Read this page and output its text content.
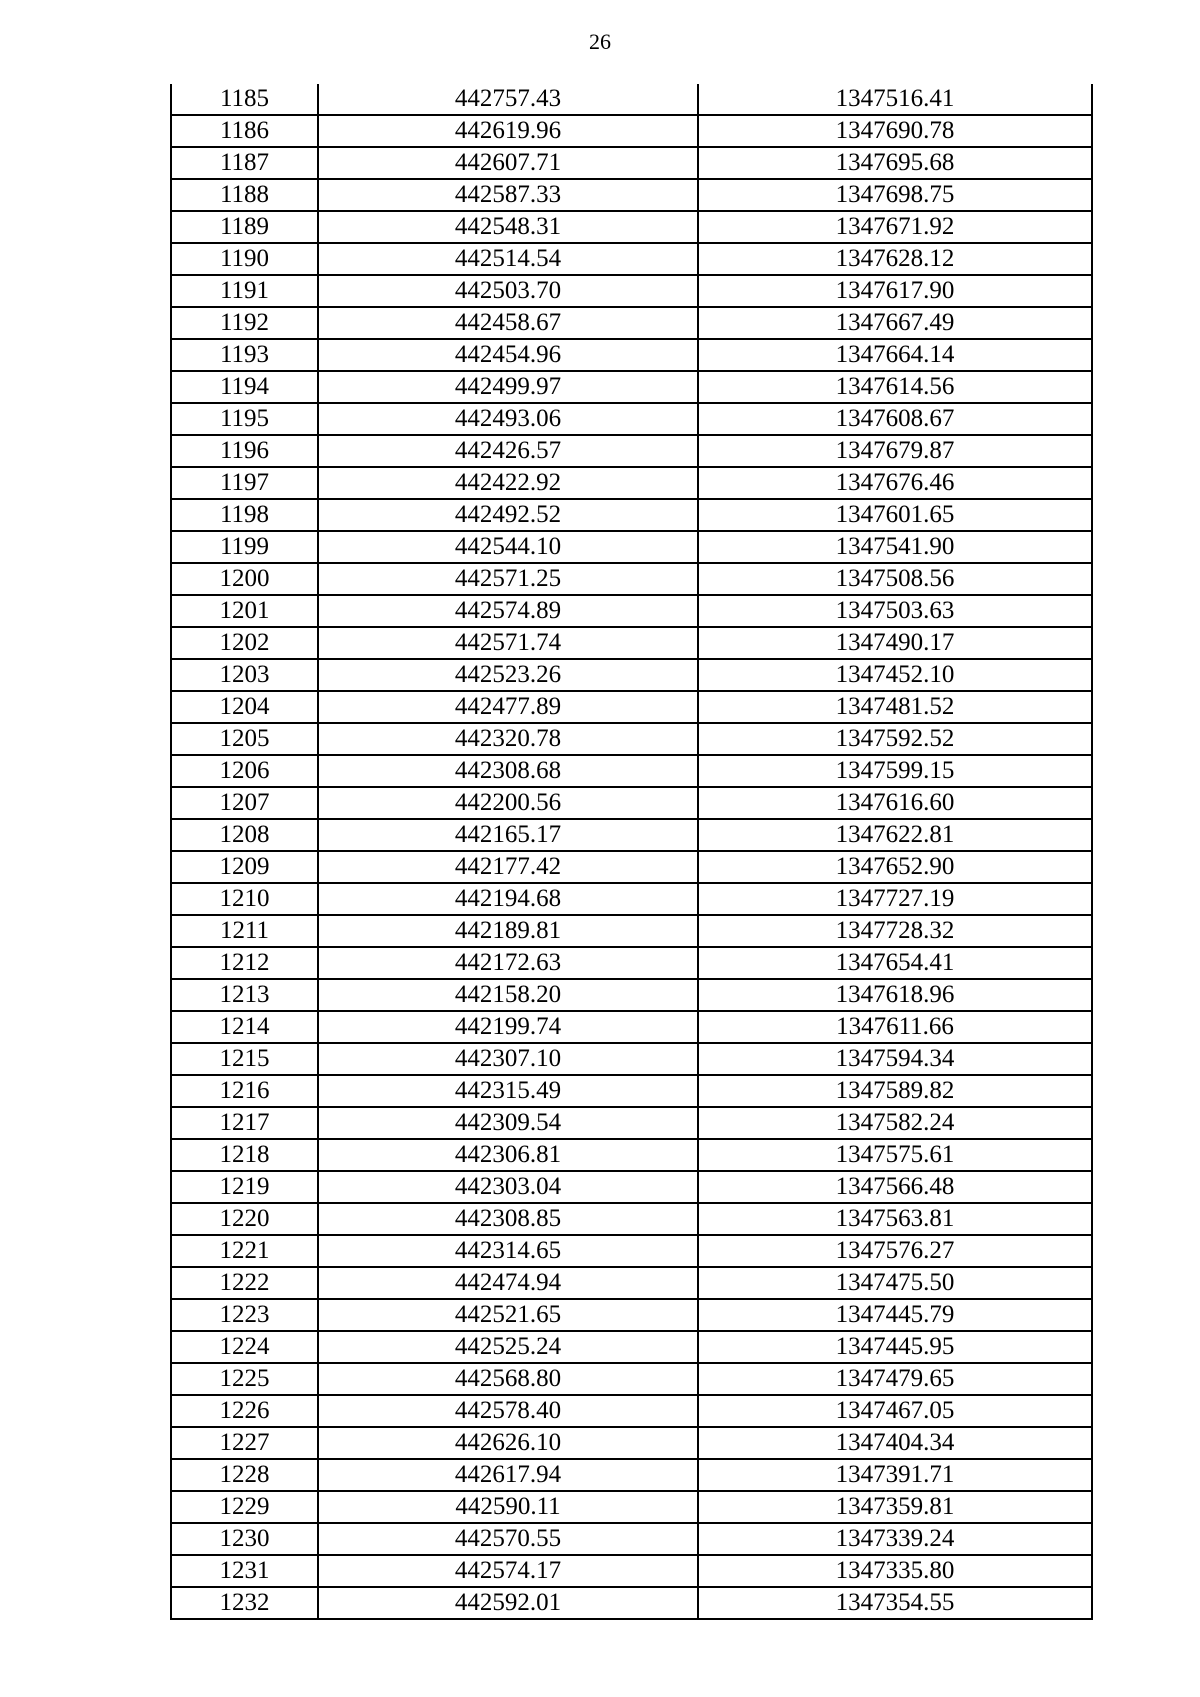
26
1185	442757.43	1347516.41
1186	442619.96	1347690.78
1187	442607.71	1347695.68
1188	442587.33	1347698.75
1189	442548.31	1347671.92
1190	442514.54	1347628.12
1191	442503.70	1347617.90
1192	442458.67	1347667.49
1193	442454.96	1347664.14
1194	442499.97	1347614.56
1195	442493.06	1347608.67
1196	442426.57	1347679.87
1197	442422.92	1347676.46
1198	442492.52	1347601.65
1199	442544.10	1347541.90
1200	442571.25	1347508.56
1201	442574.89	1347503.63
1202	442571.74	1347490.17
1203	442523.26	1347452.10
1204	442477.89	1347481.52
1205	442320.78	1347592.52
1206	442308.68	1347599.15
1207	442200.56	1347616.60
1208	442165.17	1347622.81
1209	442177.42	1347652.90
1210	442194.68	1347727.19
1211	442189.81	1347728.32
1212	442172.63	1347654.41
1213	442158.20	1347618.96
1214	442199.74	1347611.66
1215	442307.10	1347594.34
1216	442315.49	1347589.82
1217	442309.54	1347582.24
1218	442306.81	1347575.61
1219	442303.04	1347566.48
1220	442308.85	1347563.81
1221	442314.65	1347576.27
1222	442474.94	1347475.50
1223	442521.65	1347445.79
1224	442525.24	1347445.95
1225	442568.80	1347479.65
1226	442578.40	1347467.05
1227	442626.10	1347404.34
1228	442617.94	1347391.71
1229	442590.11	1347359.81
1230	442570.55	1347339.24
1231	442574.17	1347335.80
1232	442592.01	1347354.55
